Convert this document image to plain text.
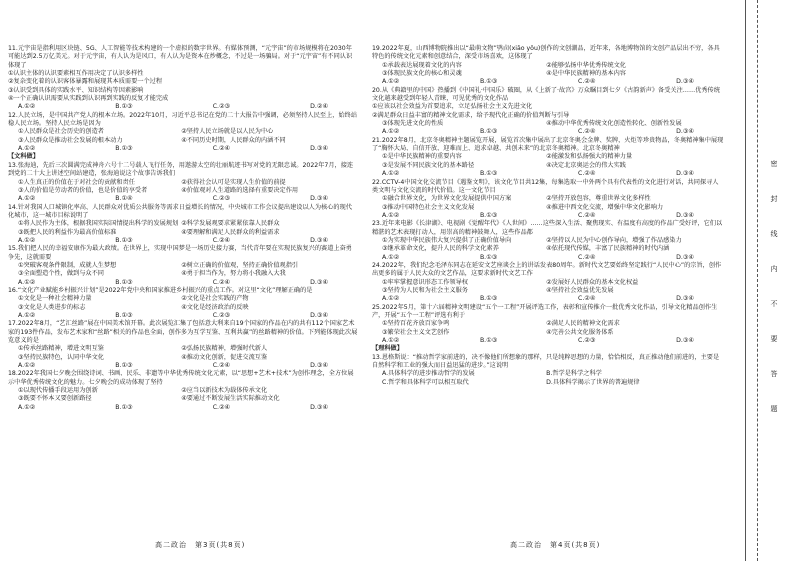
11.元宇宙是指利用区块链、5G、人工智能等技术构建的一个虚拟的数字世界。有媒体预测，“元宇宙”的市场规模将在2030年可能达到2.5万亿美元。对于元宇宙，有人认为是风口，有人认为是资本在炒概念，不过是一场骗局。对于“元宇宙”有不同认识体现了

①认识主体的认识要素相互作用决定了认识多样性

②复杂变化着的认识客体暴露和展现其本质需要一个过程

③认识受到具体的实践水平、知识结构等因素影响

④一个正确认识需要从实践到认识再到实践的反复才能完成

A.①②	B.①③	C.②③	D.②④

12.人民立场，是中国共产党人的根本立场。2022年10月，习近平总书记在党的二十大报告中强调，必须坚持人民至上，始终站稳人民立场。坚持人民立场是因为

①人民群众是社会历史的创造者	②坚持人民立场就是以人民为中心
③人民群众是推动社会发展的根本动力	④不同历史时期，人民群众的内涵不同
A.①②	B.①③	C.②④	D.③④

【文科做】

13.张海迪，先后三次圆满完成神舟六号十二号载人飞行任务，用遨游太空的壮丽航迹书写对党的无限忠诚。2022年7月，接连到党的二十大上讲述空间站建造，张海迪说这个故事告诉我们

①人生真正的价值在于对社会的贡献和责任	②获得社会认可是实现人生价值的前提
③人的价值是劳动者的价值，也是价值的享受者	④价值观对人生道路的选择有重要决定作用
A.①②	B.①④	C.②③	D.③④

14.针对我国人口城镇化率高、人民群众对优质公共服务等需求日益增长的情况，中央城市工作会议提出建设以人为核心的现代化城市，这一城市目标说明了

①将人民作为主体，根据我国实际国情提出科学的发展规划 ②科学发展观要求紧紧依靠人民群众
③既把人民的利益作为最高价值标准	④要理解和满足人民群众的利益需求
A.①②	B.①③	C.②④	D.③④

15.我们把人民的幸福安康作为最大政绩。在世界上，实现中国梦是一场历史接力赛，当代青年要在实现民族复兴的赛道上奋勇争先，这就需要

①突破客观条件限制，成就人生梦想	②树立正确的价值观，坚持正确价值观指引
③全面塑造个性，做到与众不同	④勇于担当作为，努力将小我融入大我
A.①②	B.①③	C.②④	D.③④

16.“文化产业赋能乡村振兴计划”是2022年党中央和国家推进乡村振兴的重点工作。对这里“文化”理解正确的是

①文化是一种社会精神力量	②文化是社会实践的产物
③文化是人类进步的标志	④文化是经济政治的反映
A.①②	B.①③	C.②③	D.③④

17.2022年8月，“艺汇丝路”展在中国美术馆开幕。此次展览汇集了包括意大利来自19个国家的作品在内的共有112个国家艺术家的193件作品，发布艺术家和“丝路”相关的作品也全面，创作多为互学互鉴、互利共赢”的丝路精神的价值。下列能体现此次展览意义的是

①传承丝路精神，增进文明互鉴	②弘扬民族精神，增强时代新人
③坚持民族特色，认同中华文化	④推动文化创新，促进交流互鉴
A.①②	B.①③	C.②④	D.③④

18.2022年我国七夕晚会围绕诗词、书画、民乐、非遗等中华优秀传统文化元素，以“思想+艺术+技术”为创作理念，全方位展示中华优秀传统文化的魅力。七夕晚会的成功体现了坚持

①以现代传播手段运用为创新	②应当以新技术为载体传承文化
③既要不怀本又要创新路径	④要通过不断发展生活实际推动文化
A.①②	B.①③	C.②④	D.③④

19.2022年夏，山西博物院推出以“最萌文物”鸮卣(xiāo yǒu)创作的文创潮品，近年来，各地博物馆的文创产品层出不穷，各具特色的传统文化元素和创意结合，深受市场喜欢，这体现了

①承载表达展现着文化的内容	②能够弘扬中华优秀传统文化
③体现民族文化的核心和灵魂	④是中华民族精神的基本内容
A.①②	B.①③	C.②④	D.③④

20.从《典籍里的中国》热播到《中国礼·中国乐》破圈，从《上新了·故宫》万众瞩目到七夕《古韵新声》备受关注……优秀传统文化越来越受到年轻人青睐，可见优秀的文化作品

①应该以社会效益为首要追求，立足弘扬社会主义先进文化

②满足群众日益丰富的精神文化需求，给予现代化正确的价值判断与引导

③体现先进文化的性质	④推动中华优秀传统文化创造性转化、创新性发展
A.①②	B.①③	C.②④	D.③④

21.2022年8月，北京冬奥精神主题展览开展，展览首次集中展出了北京冬奥会金牌、奖牌，火炬等珍贵物品，冬奥精神集中展现了“胸怀大局、自信开放、迎难而上、追求卓越、共创未来”的北京冬奥精神。北京冬奥精神

①是中华民族精神的重要内容	②能激发和弘扬强大的精神力量
③是发展不同民族文化的基本路径	④决定北京奥运会的伟大实践
A.①②	B.①③	C.②④	D.③④

22.CCTV-4中国文化交流节目《遇鉴文明》，该文化节目共12集，每集选取一中外两个具有代表性的文化进行对话，共同探寻人类文明与文化交流的时代价值。这一文化节目

①融合世界文化，为世界文化发展提供中国方案	②坚持开放包容，尊重世界文化多样性
③推动中国特色社会主义文化发展	④推进中西文化交流，增强中华文化影响力
A.①②	B.①③	C.②④	D.③④

23.近年来电影《长津湖》、电视剧《觉醒年代》《人世间》……这些深入生活、聚焦现实、有温度有高度的作品广受好评，它们以精湛的艺术表现打动人，用崇高的精神鼓舞人，这些作品都

①为实现中华民族伟大复兴提供了正确价值导向	②坚持以人民为中心创作导向，增强了作品感染力
③继承革命文化，提升人民的科学文化素养	④依托现代传媒，丰富了民族精神的时代内涵
A.①②	B.①③	C.②④	D.③④

24.2022年，我们纪念毛泽东同志在延安文艺座谈会上的讲话发表80周年。新时代文艺要始终坚定践行“人民中心”的宗旨，创作出更多的属于人民大众的文艺作品，这要求新时代文艺工作

①牢牢掌握意识形态工作领导权	②发展好人民群众的基本文化权益
③坚持为人民和为社会主义服务	④坚持社会效益优先发展
A.①②	B.①③	C.②④	D.③④

25.2022年5月，第十六届精神文明建设“五个一工程”开展评选工作，表彰和宣传推介一批优秀文化作品，引导文化精品创作生产，开展“五个一工程”评选有利于

①坚持百花齐放百家争鸣	②满足人民的精神文化需求
③繁荣社会主义文艺创作	④完善公共文化服务体系
A.①②	B.①③	C.②③	D.③④

【理科做】

13.恩格斯说：“推动哲学家前进的，决不像他们所想象的那样，只是纯粹思想的力量，恰恰相反，真正推动他们前进的，主要是自然科学和工业的强大而日益迅猛的进步。”这说明

A.具体科学的进步推动哲学的发展	B.哲学是科学之科学
C.哲学和具体科学可以相互取代	D.具体科学揭示了世界的普遍规律
高二政治　第3页(共8页)	高二政治　第4页(共8页)
密封线内不要答题
